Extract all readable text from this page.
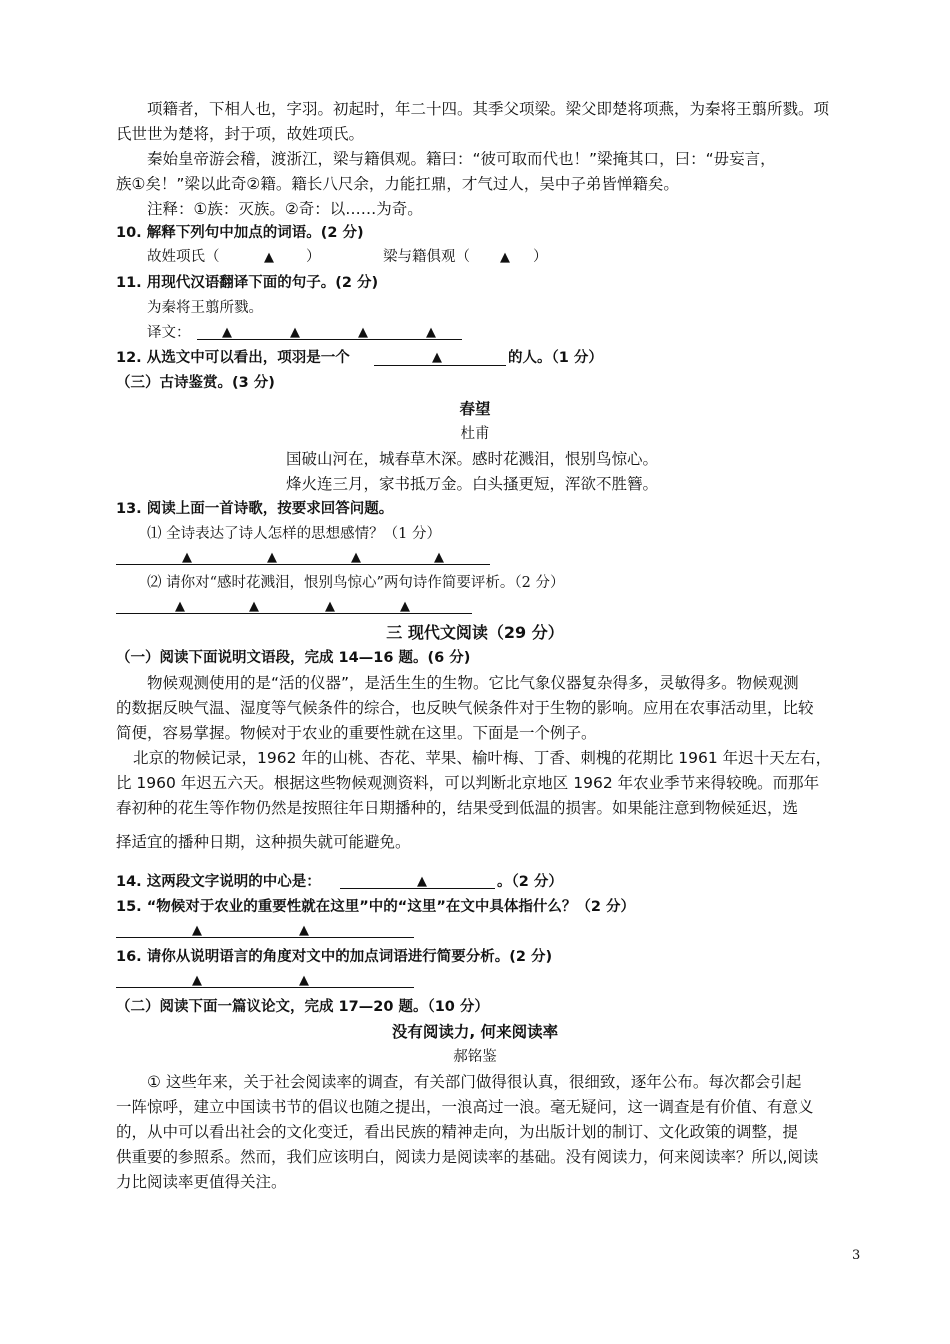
项籍者，下相人也，字羽。初起时，年二十四。其季父项梁。梁父即楚将项燕，为秦将王翦所戮。项
氏世世为楚将，封于项，故姓项氏。
秦始皇帝游会稽，渡浙江，梁与籍俱观。籍曰：“彼可取而代也！”梁掩其口，曰：“毋妄言，
族①矣！”梁以此奇②籍。籍长八尺余，力能扛鼎，才气过人，吴中子弟皆惮籍矣。
注释：①族：灭族。②奇：以……为奇。
10. 解释下列句中加点的词语。(2 分)
故姓项氏（	▲ ）	梁与籍俱观（ ▲ ）
11. 用现代汉语翻译下面的句子。(2 分)
为秦将王翦所戮。
译文： ▲	▲	▲	▲
12. 从选文中可以看出，项羽是一个	▲	的人。（1 分）
（三）古诗鉴赏。(3 分)
春望
杜甫
国破山河在，城春草木深。感时花溅泪，恨别鸟惊心。
烽火连三月，家书抵万金。白头搔更短，浑欲不胜簪。
13. 阅读上面一首诗歌，按要求回答问题。
⑴ 全诗表达了诗人怎样的思想感情？（1 分）
▲	▲	▲	▲
⑵ 请你对“感时花溅泪，恨别鸟惊心”两句诗作简要评析。（2 分）
▲	▲	▲	▲
三 现代文阅读（29 分）
（一）阅读下面说明文语段，完成 14—16 题。(6 分)
物候观测使用的是“活的仪器”，是活生生的生物。它比气象仪器复杂得多，灵敏得多。物候观测
的数据反映气温、湿度等气候条件的综合，也反映气候条件对于生物的影响。应用在农事活动里，比较
简便，容易掌握。物候对于农业的重要性就在这里。下面是一个例子。
北京的物候记录，1962 年的山桃、杏花、苹果、榆叶梅、丁香、刺槐的花期比 1961 年迟十天左右，
比 1960 年迟五六天。根据这些物候观测资料，可以判断北京地区 1962 年农业季节来得较晚。而那年
春初种的花生等作物仍然是按照往年日期播种的，结果受到低温的损害。如果能注意到物候延迟，选
择适宜的播种日期，这种损失就可能避免。
14. 这两段文字说明的中心是：	▲	。（2 分）
15. “物候对于农业的重要性就在这里”中的“这里”在文中具体指什么？（2 分）
▲	▲
16. 请你从说明语言的角度对文中的加点词语进行简要分析。(2 分)
▲	▲
（二）阅读下面一篇议论文，完成 17—20 题。（10 分）
没有阅读力, 何来阅读率
郝铭鉴
① 这些年来，关于社会阅读率的调查，有关部门做得很认真，很细致，逐年公布。每次都会引起
一阵惊呼，建立中国读书节的倡议也随之提出，一浪高过一浪。毫无疑问，这一调查是有价值、有意义
的，从中可以看出社会的文化变迁，看出民族的精神走向，为出版计划的制订、文化政策的调整，提
供重要的参照系。然而，我们应该明白，阅读力是阅读率的基础。没有阅读力，何来阅读率？所以,阅读
力比阅读率更值得关注。
3
